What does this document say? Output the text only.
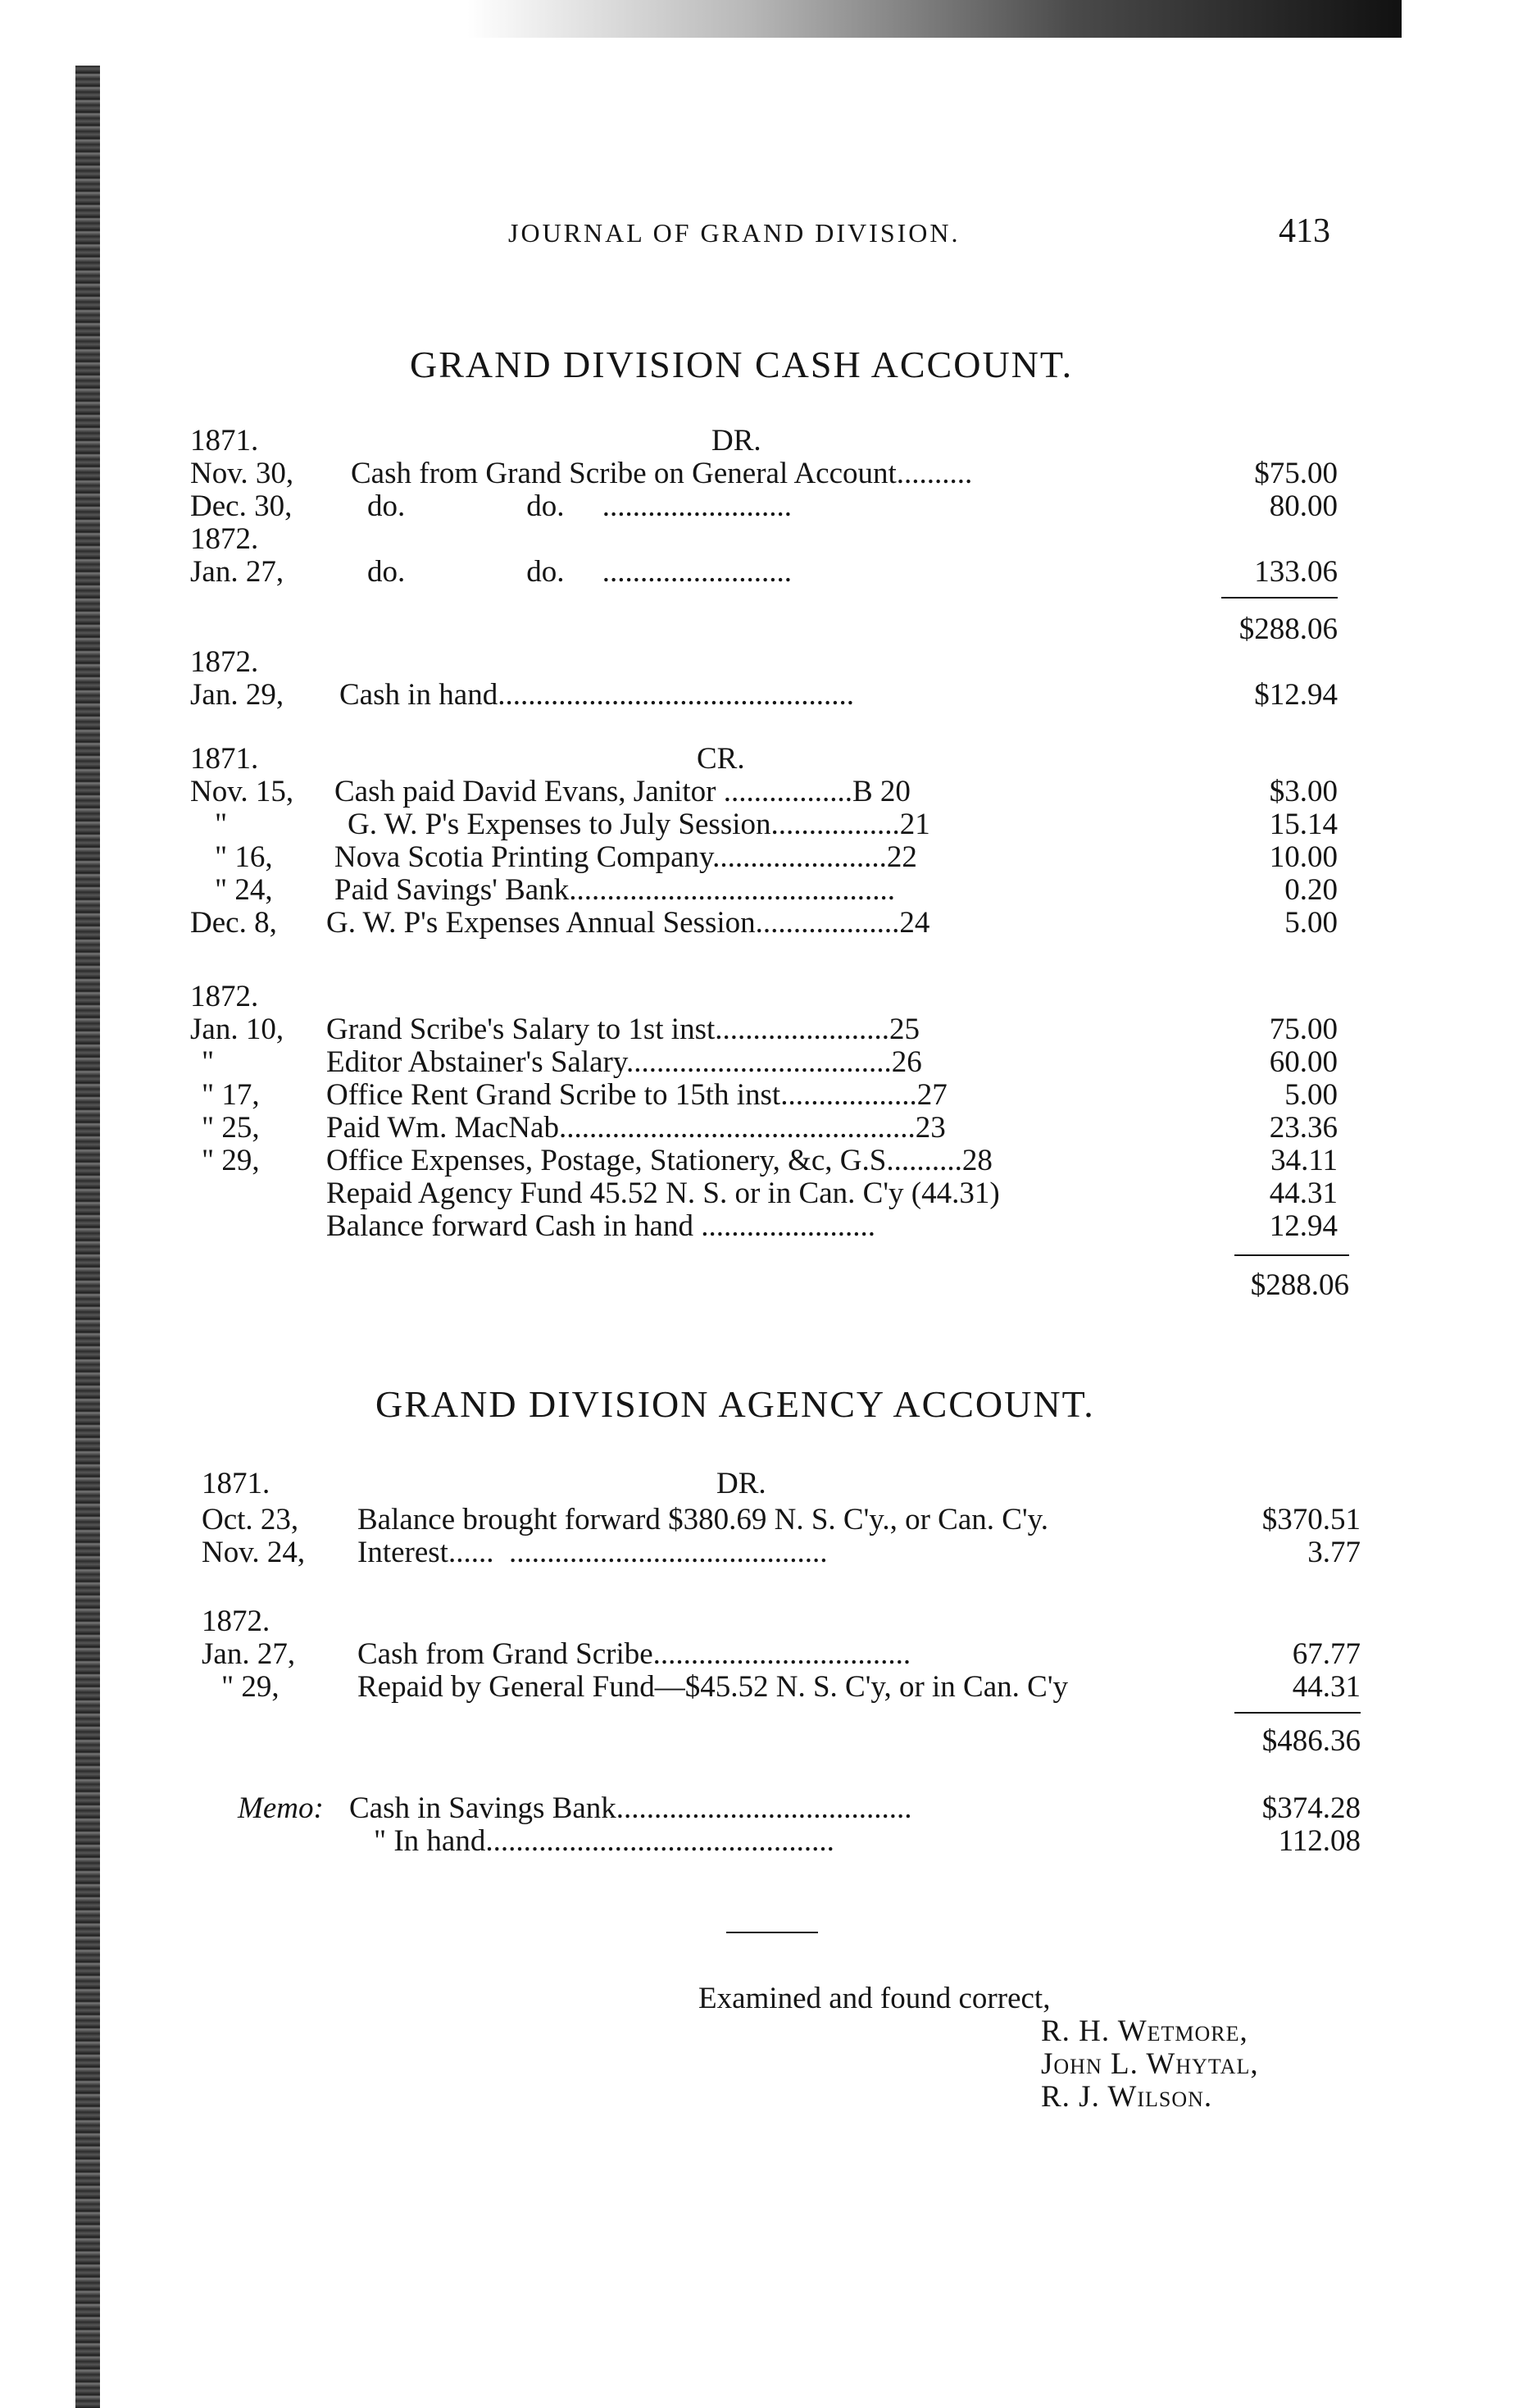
JOURNAL OF GRAND DIVISION.	413
GRAND DIVISION CASH ACCOUNT.
1871.	DR.
Nov. 30, Cash from Grand Scribe on General Account..........	$75.00
Dec. 30, do.                do.     .........................	80.00
1872.
Jan. 27,	do.                do.     .........................	133.06
$288.06
1872.
Jan. 29, Cash in hand...............................................	$12.94
1871.	CR.
Nov. 15, Cash paid David Evans, Janitor .................B 20	$3.00
"	G. W. P's Expenses to July Session.................21	15.14
" 16, Nova Scotia Printing Company.......................22	10.00
" 24, Paid Savings' Bank...........................................	0.20
Dec. 8, G. W. P's Expenses Annual Session...................24	5.00
1872.
Jan. 10, Grand Scribe's Salary to 1st inst.......................25	75.00
"	Editor Abstainer's Salary...................................26	60.00
" 17, Office Rent Grand Scribe to 15th inst..................27	5.00
" 25, Paid Wm. MacNab...............................................23	23.36
" 29, Office Expenses, Postage, Stationery, &c, G.S..........28	34.11
Repaid Agency Fund 45.52 N. S. or in Can. C'y (44.31)	44.31
Balance forward Cash in hand .......................	12.94
$288.06
GRAND DIVISION AGENCY ACCOUNT.
1871.	DR.
Oct. 23, Balance brought forward $380.69 N. S. C'y., or Can. C'y.	$370.51
Nov. 24, Interest......  ..........................................	3.77
1872.
Jan. 27, Cash from Grand Scribe..................................	67.77
" 29,	Repaid by General Fund—$45.52 N. S. C'y, or in Can. C'y	44.31
$486.36
Memo: Cash in Savings Bank.......................................	$374.28
" In hand..............................................	112.08
Examined and found correct,
R. H. Wetmore,
John L. Whytal,
R. J. Wilson.
